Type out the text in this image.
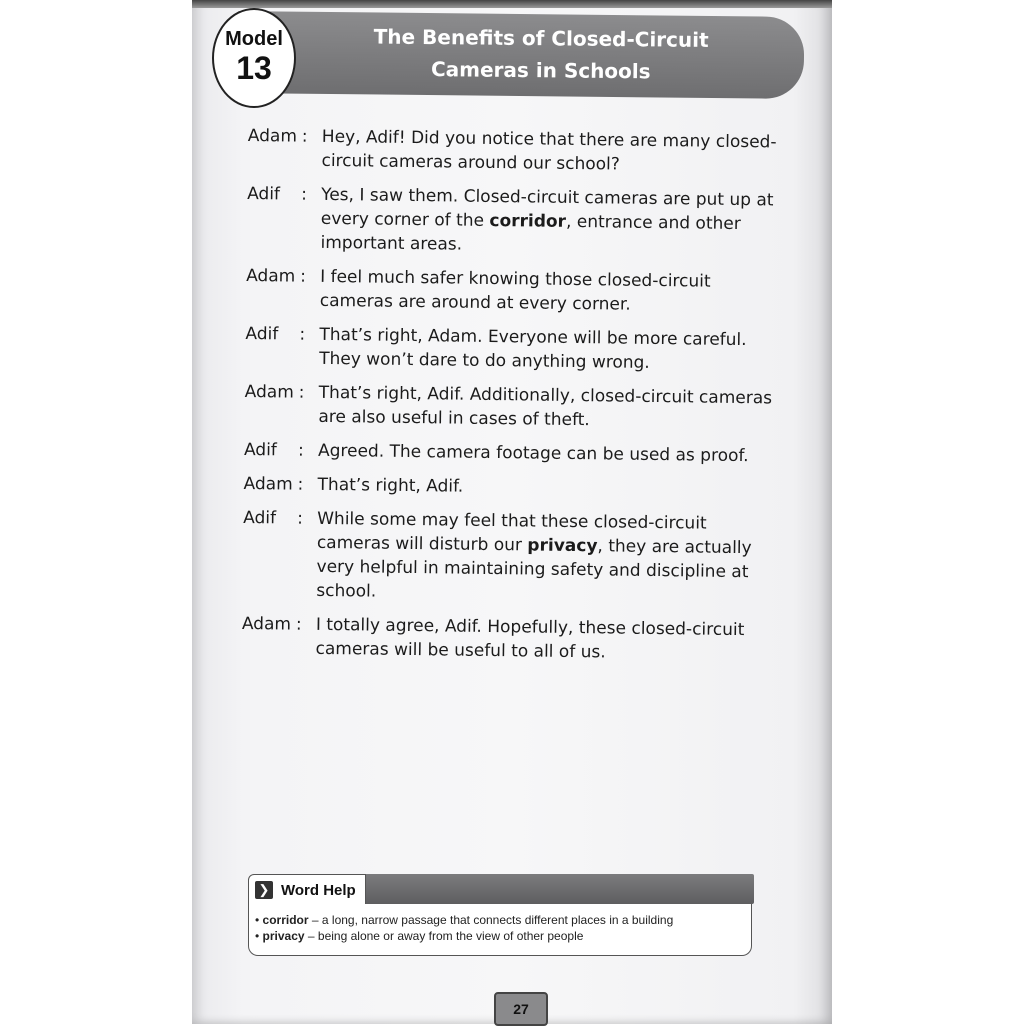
The Benefits of Closed-Circuit
Cameras in Schools
Model
13
Adam : Hey, Adif! Did you notice that there are many closed-circuit cameras around our school?
Adif	: Yes, I saw them. Closed-circuit cameras are put up at every corner of the corridor, entrance and other important areas.
Adam : I feel much safer knowing those closed-circuit cameras are around at every corner.
Adif	: That’s right, Adam. Everyone will be more careful. They won’t dare to do anything wrong.
Adam : That’s right, Adif. Additionally, closed-circuit cameras are also useful in cases of theft.
Adif	: Agreed. The camera footage can be used as proof.
Adam : That’s right, Adif.
Adif	: While some may feel that these closed-circuit cameras will disturb our privacy, they are actually very helpful in maintaining safety and discipline at school.
Adam : I totally agree, Adif. Hopefully, these closed-circuit cameras will be useful to all of us.
❯ Word Help
• corridor – a long, narrow passage that connects different places in a building
• privacy – being alone or away from the view of other people
27
